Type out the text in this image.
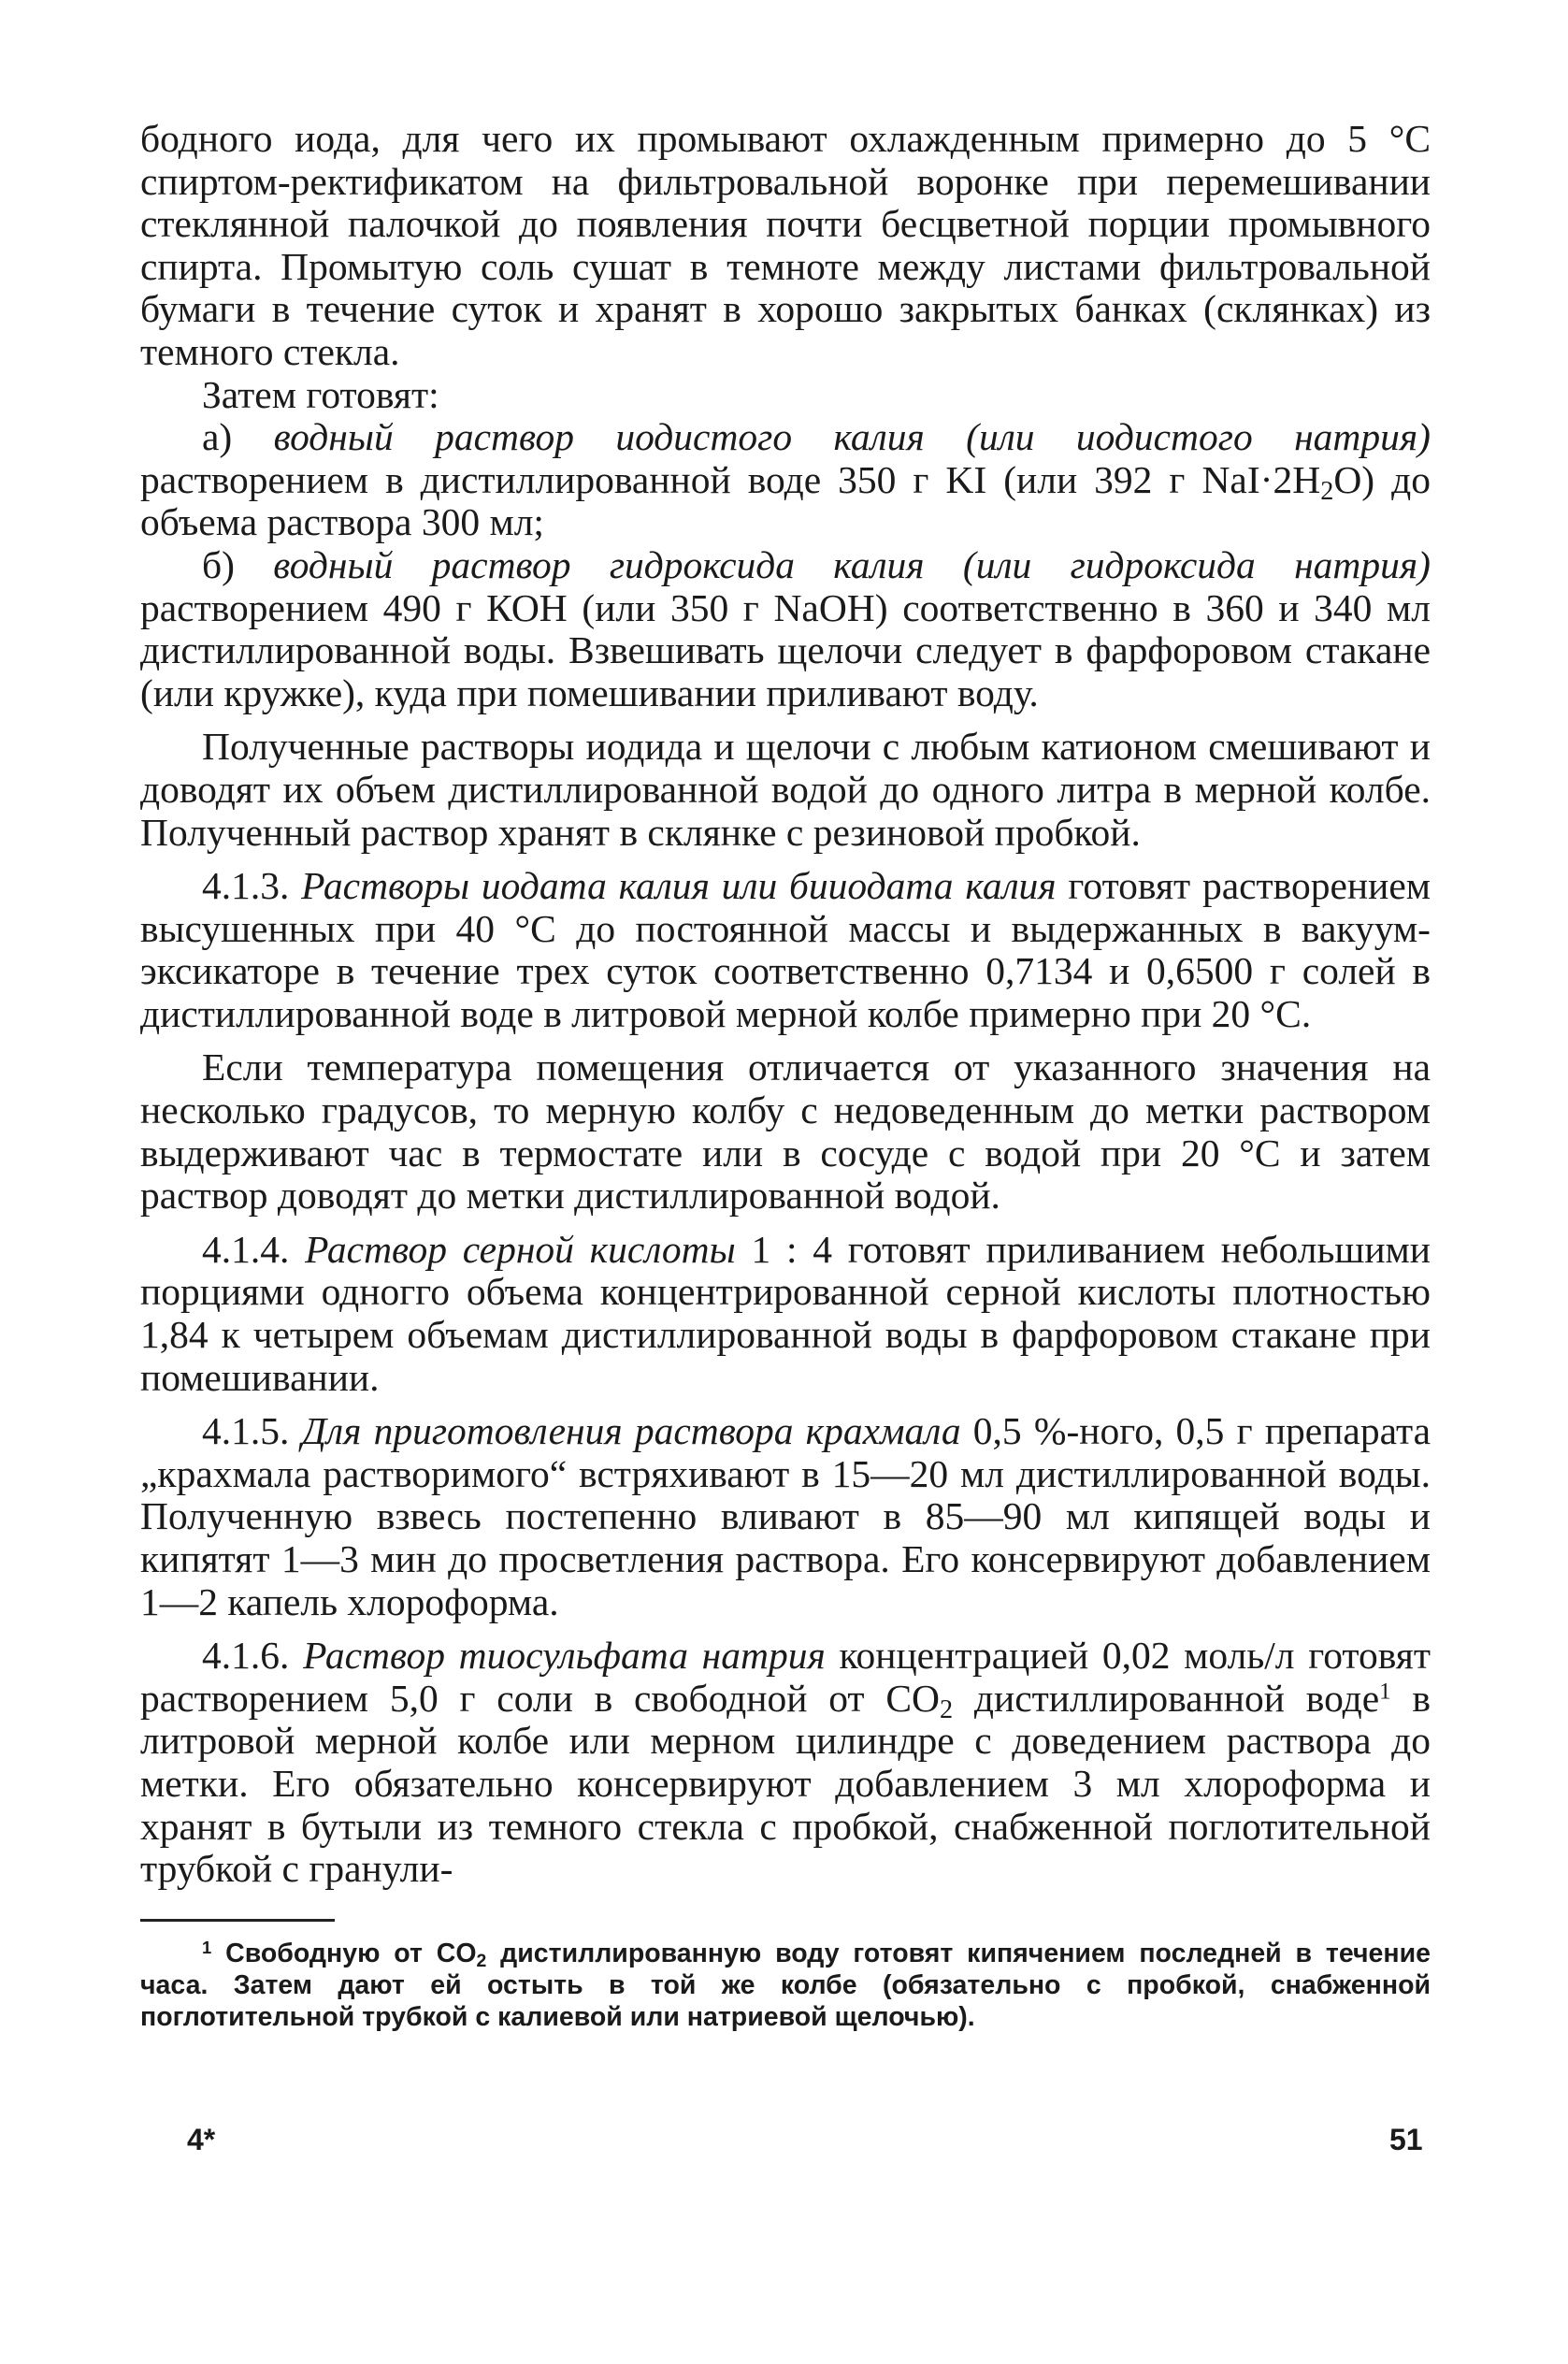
бодного иода, для чего их промывают охлажденным примерно до 5 °С спиртом-ректификатом на фильтровальной воронке при перемешивании стеклянной палочкой до появления почти бесцветной порции промывного спирта. Промытую соль сушат в темноте между листами фильтровальной бумаги в течение суток и хранят в хорошо закрытых банках (склянках) из темного стекла.

Затем готовят:

а) водный раствор иодистого калия (или иодистого натрия) растворением в дистиллированной воде 350 г KI (или 392 г $NaI\cdot 2H_2O$) до объема раствора 300 мл;

б) водный раствор гидроксида калия (или гидроксида натрия) растворением 490 г КОН (или 350 г NaOH) соответственно в 360 и 340 мл дистиллированной воды. Взвешивать щелочи следует в фарфоровом стакане (или кружке), куда при помешивании приливают воду.

Полученные растворы иодида и щелочи с любым катионом смешивают и доводят их объем дистиллированной водой до одного литра в мерной колбе. Полученный раствор хранят в склянке с резиновой пробкой.

4.1.3. Растворы иодата калия или бииодата калия готовят растворением высушенных при 40 °С до постоянной массы и выдержанных в вакуум-эксикаторе в течение трех суток соответственно 0,7134 и 0,6500 г солей в дистиллированной воде в литровой мерной колбе примерно при 20 °С.

Если температура помещения отличается от указанного значения на несколько градусов, то мерную колбу с недоведенным до метки раствором выдерживают час в термостате или в сосуде с водой при 20 °С и затем раствор доводят до метки дистиллированной водой.

4.1.4. Раствор серной кислоты 1 : 4 готовят приливанием небольшими порциями одногго объема концентрированной серной кислоты плотностью 1,84 к четырем объемам дистиллированной воды в фарфоровом стакане при помешивании.

4.1.5. Для приготовления раствора крахмала 0,5 %-ного, 0,5 г препарата „крахмала растворимого“ встряхивают в 15—20 мл дистиллированной воды. Полученную взвесь постепенно вливают в 85—90 мл кипящей воды и кипятят 1—3 мин до просветления раствора. Его консервируют добавлением 1—2 капель хлороформа.

4.1.6. Раствор тиосульфата натрия концентрацией 0,02 моль/л готовят растворением 5,0 г соли в свободной от $CO_2$ дистиллированной воде$^1$ в литровой мерной колбе или мерном цилиндре с доведением раствора до метки. Его обязательно консервируют добавлением 3 мл хлороформа и хранят в бутыли из темного стекла с пробкой, снабженной поглотительной трубкой с гранули-

$^1$ Свободную от $CO_2$ дистиллированную воду готовят кипячением последней в течение часа. Затем дают ей остыть в той же колбе (обязательно с пробкой, снабженной поглотительной трубкой с калиевой или натриевой щелочью).

4*	51
